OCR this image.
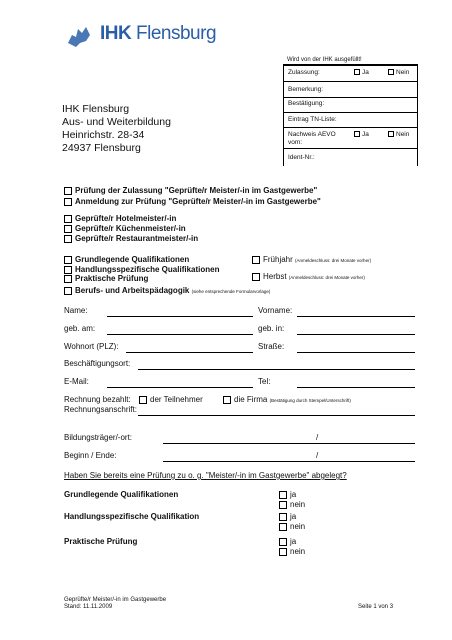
IHK Flensburg
IHK Flensburg
Aus- und Weiterbildung
Heinrichstr. 28-34
24937 Flensburg
Wird von der IHK ausgefüllt!
Zulassung:	Ja	Nein
Bemerkung:
Bestätigung:
Eintrag TN-Liste:
Nachweis AEVO	Ja	Nein
vom:
Ident-Nr.:
Prüfung der Zulassung "Geprüfte/r Meister/-in im Gastgewerbe"
Anmeldung zur Prüfung "Geprüfte/r Meister/-in im Gastgewerbe"
Geprüfte/r Hotelmeister/-in
Geprüfte/r Küchenmeister/-in
Geprüfte/r Restaurantmeister/-in
Grundlegende Qualifikationen
Handlungsspezifische Qualifikationen
Praktische Prüfung
Frühjahr (Anmeldeschluss: drei Monate vorher)
Herbst (Anmeldeschluss: drei Monate vorher)
Berufs- und Arbeitspädagogik (siehe entsprechende Formularvorlage)
Name:	Vorname:
geb. am:	geb. in:
Wohnort (PLZ):	Straße:
Beschäftigungsort:
E-Mail:	Tel:
Rechnung bezahlt:	der Teilnehmer	die Firma (Bestätigung durch Stempel/Unterschrift)
Rechnungsanschrift:
Bildungsträger/-ort:	/
Beginn / Ende:	/
Haben Sie bereits eine Prüfung zu o. g. "Meister/-in im Gastgewerbe" abgelegt?
Grundlegende Qualifikationen	ja
nein
Handlungsspezifische Qualifikation	ja
nein
Praktische Prüfung	ja
nein
Geprüfte/r Meister/-in im Gastgewerbe
Stand: 11.11.2009	Seite 1 von 3
